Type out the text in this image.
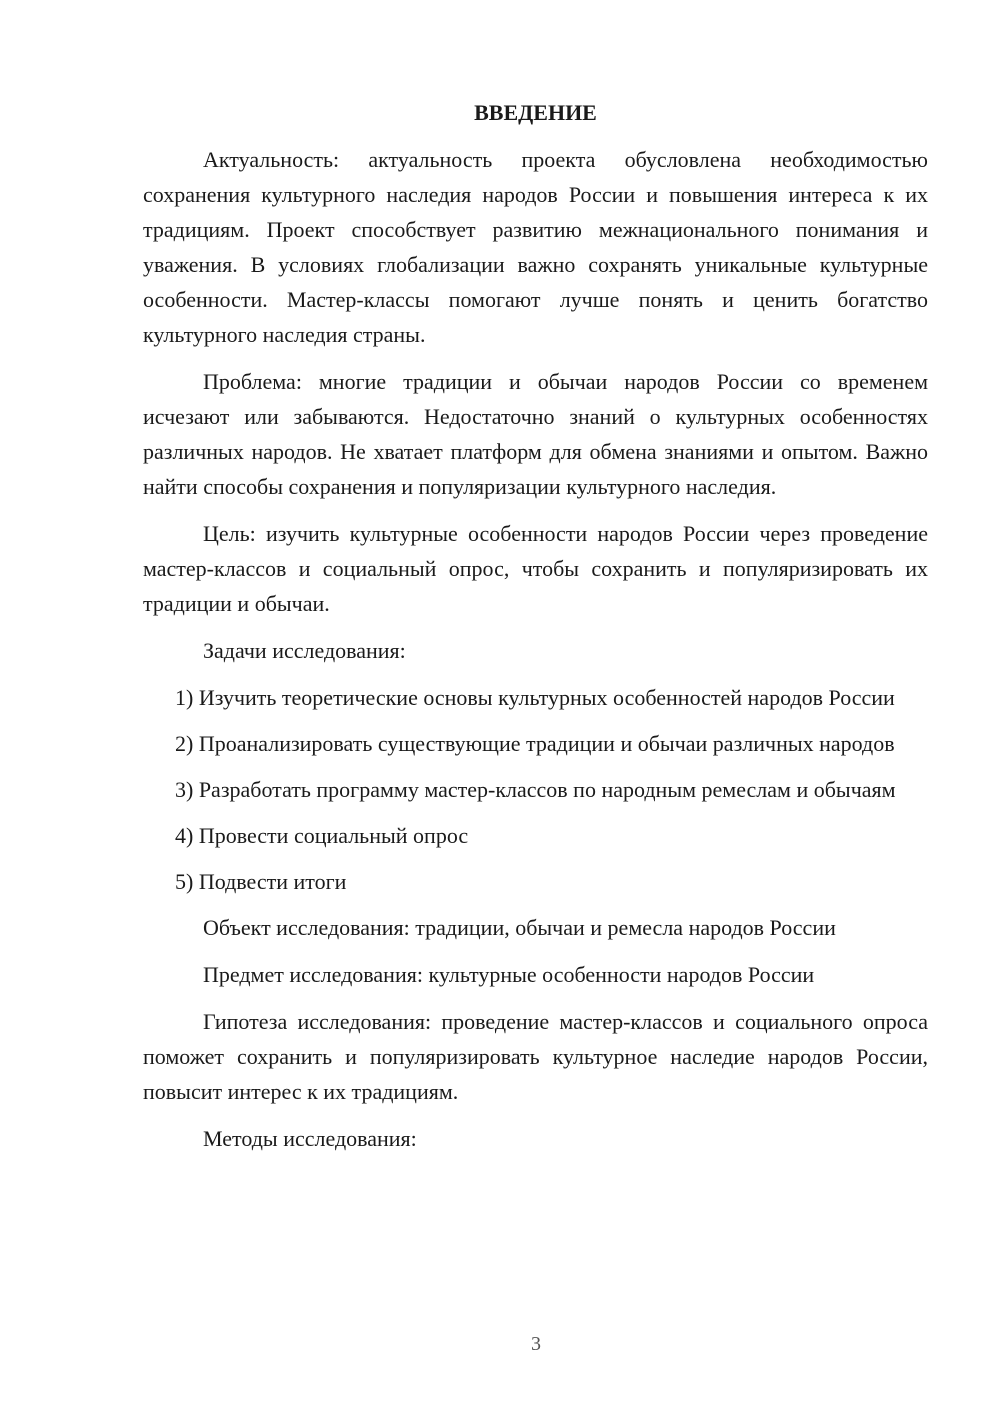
ВВЕДЕНИЕ

Актуальность: актуальность проекта обусловлена необходимостью сохранения культурного наследия народов России и повышения интереса к их традициям. Проект способствует развитию межнационального понимания и уважения. В условиях глобализации важно сохранять уникальные культурные особенности. Мастер-классы помогают лучше понять и ценить богатство культурного наследия страны.

Проблема: многие традиции и обычаи народов России со временем исчезают или забываются. Недостаточно знаний о культурных особенностях различных народов. Не хватает платформ для обмена знаниями и опытом. Важно найти способы сохранения и популяризации культурного наследия.

Цель: изучить культурные особенности народов России через проведение мастер-классов и социальный опрос, чтобы сохранить и популяризировать их традиции и обычаи.

Задачи исследования:

1) Изучить теоретические основы культурных особенностей народов России

2) Проанализировать существующие традиции и обычаи различных народов

3) Разработать программу мастер-классов по народным ремеслам и обычаям

4) Провести социальный опрос

5) Подвести итоги

Объект исследования: традиции, обычаи и ремесла народов России

Предмет исследования: культурные особенности народов России

Гипотеза исследования: проведение мастер-классов и социального опроса поможет сохранить и популяризировать культурное наследие народов России, повысит интерес к их традициям.

Методы исследования:

3
